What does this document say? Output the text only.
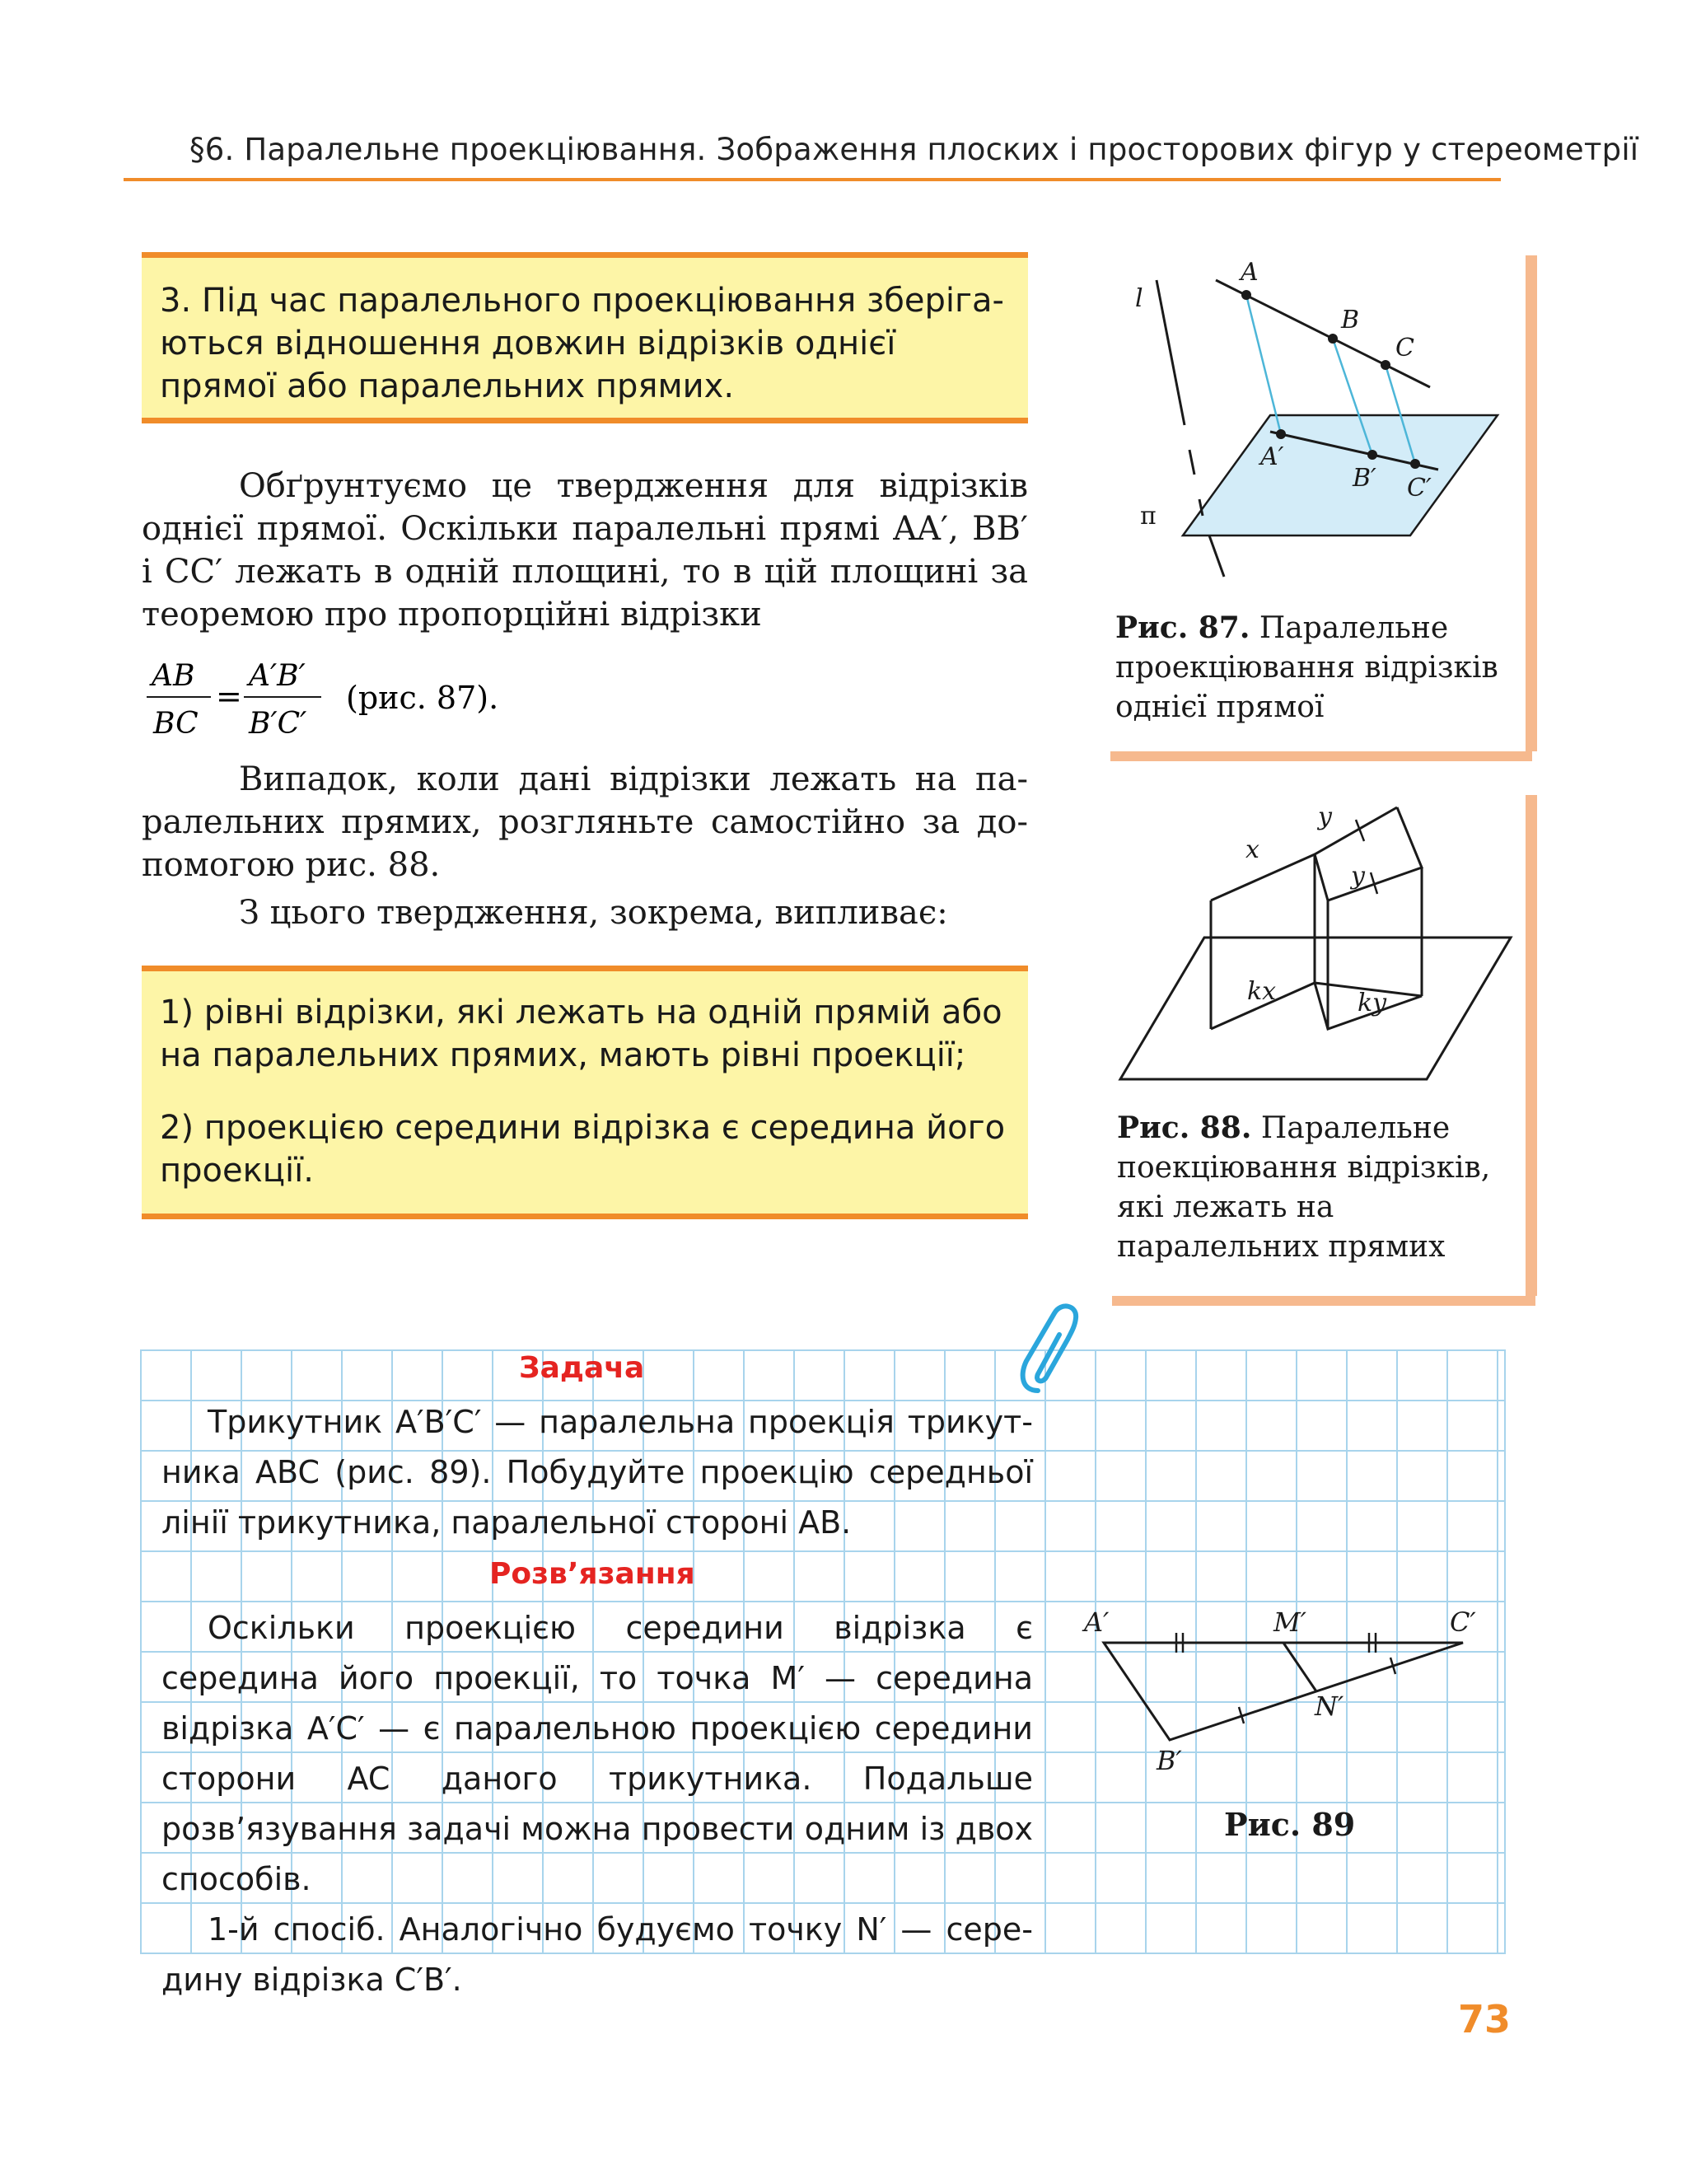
§6. Паралельне проекціювання. Зображення плоских і просторових фігур у стереометрії
3. Під час паралельного проекціювання зберігаються відношення довжин відрізків однієї прямої або паралельних прямих.
Обґрунтуємо це твердження для відрізків однієї прямої. Оскільки паралельні прямі AA′, BB′ і CC′ лежать в одній площині, то в цій площині за теоремою про пропорційні відрізки
AB
BC
=
A′B′
B′C′
(рис. 87).
Випадок, коли дані відрізки лежать на паралельних прямих, розгляньте самостійно за допомогою рис. 88.
З цього твердження, зокрема, випливає:

1) рівні відрізки, які лежать на одній прямій або на паралельних прямих, мають рівні проекції;

2) проекцією середини відрізка є середина його проекції.

l
A
B
C
A′
B′ C′
π
Рис. 87. Паралельне проекціювання відрізків однієї прямої
x
y
y
kx	ky
Рис. 88. Паралельне поекціювання відрізків, які лежать на паралельних прямих
Задача
Трикутник A′B′C′ — паралельна проекція трикутника ABC (рис. 89). Побудуйте проекцію середньої лінії трикутника, паралельної стороні AB.
Розв’язання
Оскільки проекцією середини відрізка є середина його проекції, то точка M′ — середина відрізка A′C′ — є паралельною проекцією середини сторони AC даного трикутника. Подальше розв’язування задачі можна провести одним із двох способів.
1-й спосіб. Аналогічно будуємо точку N′ — середину відрізка C′B′.
A′	M′	C′
N′
B′
Рис. 89
73
